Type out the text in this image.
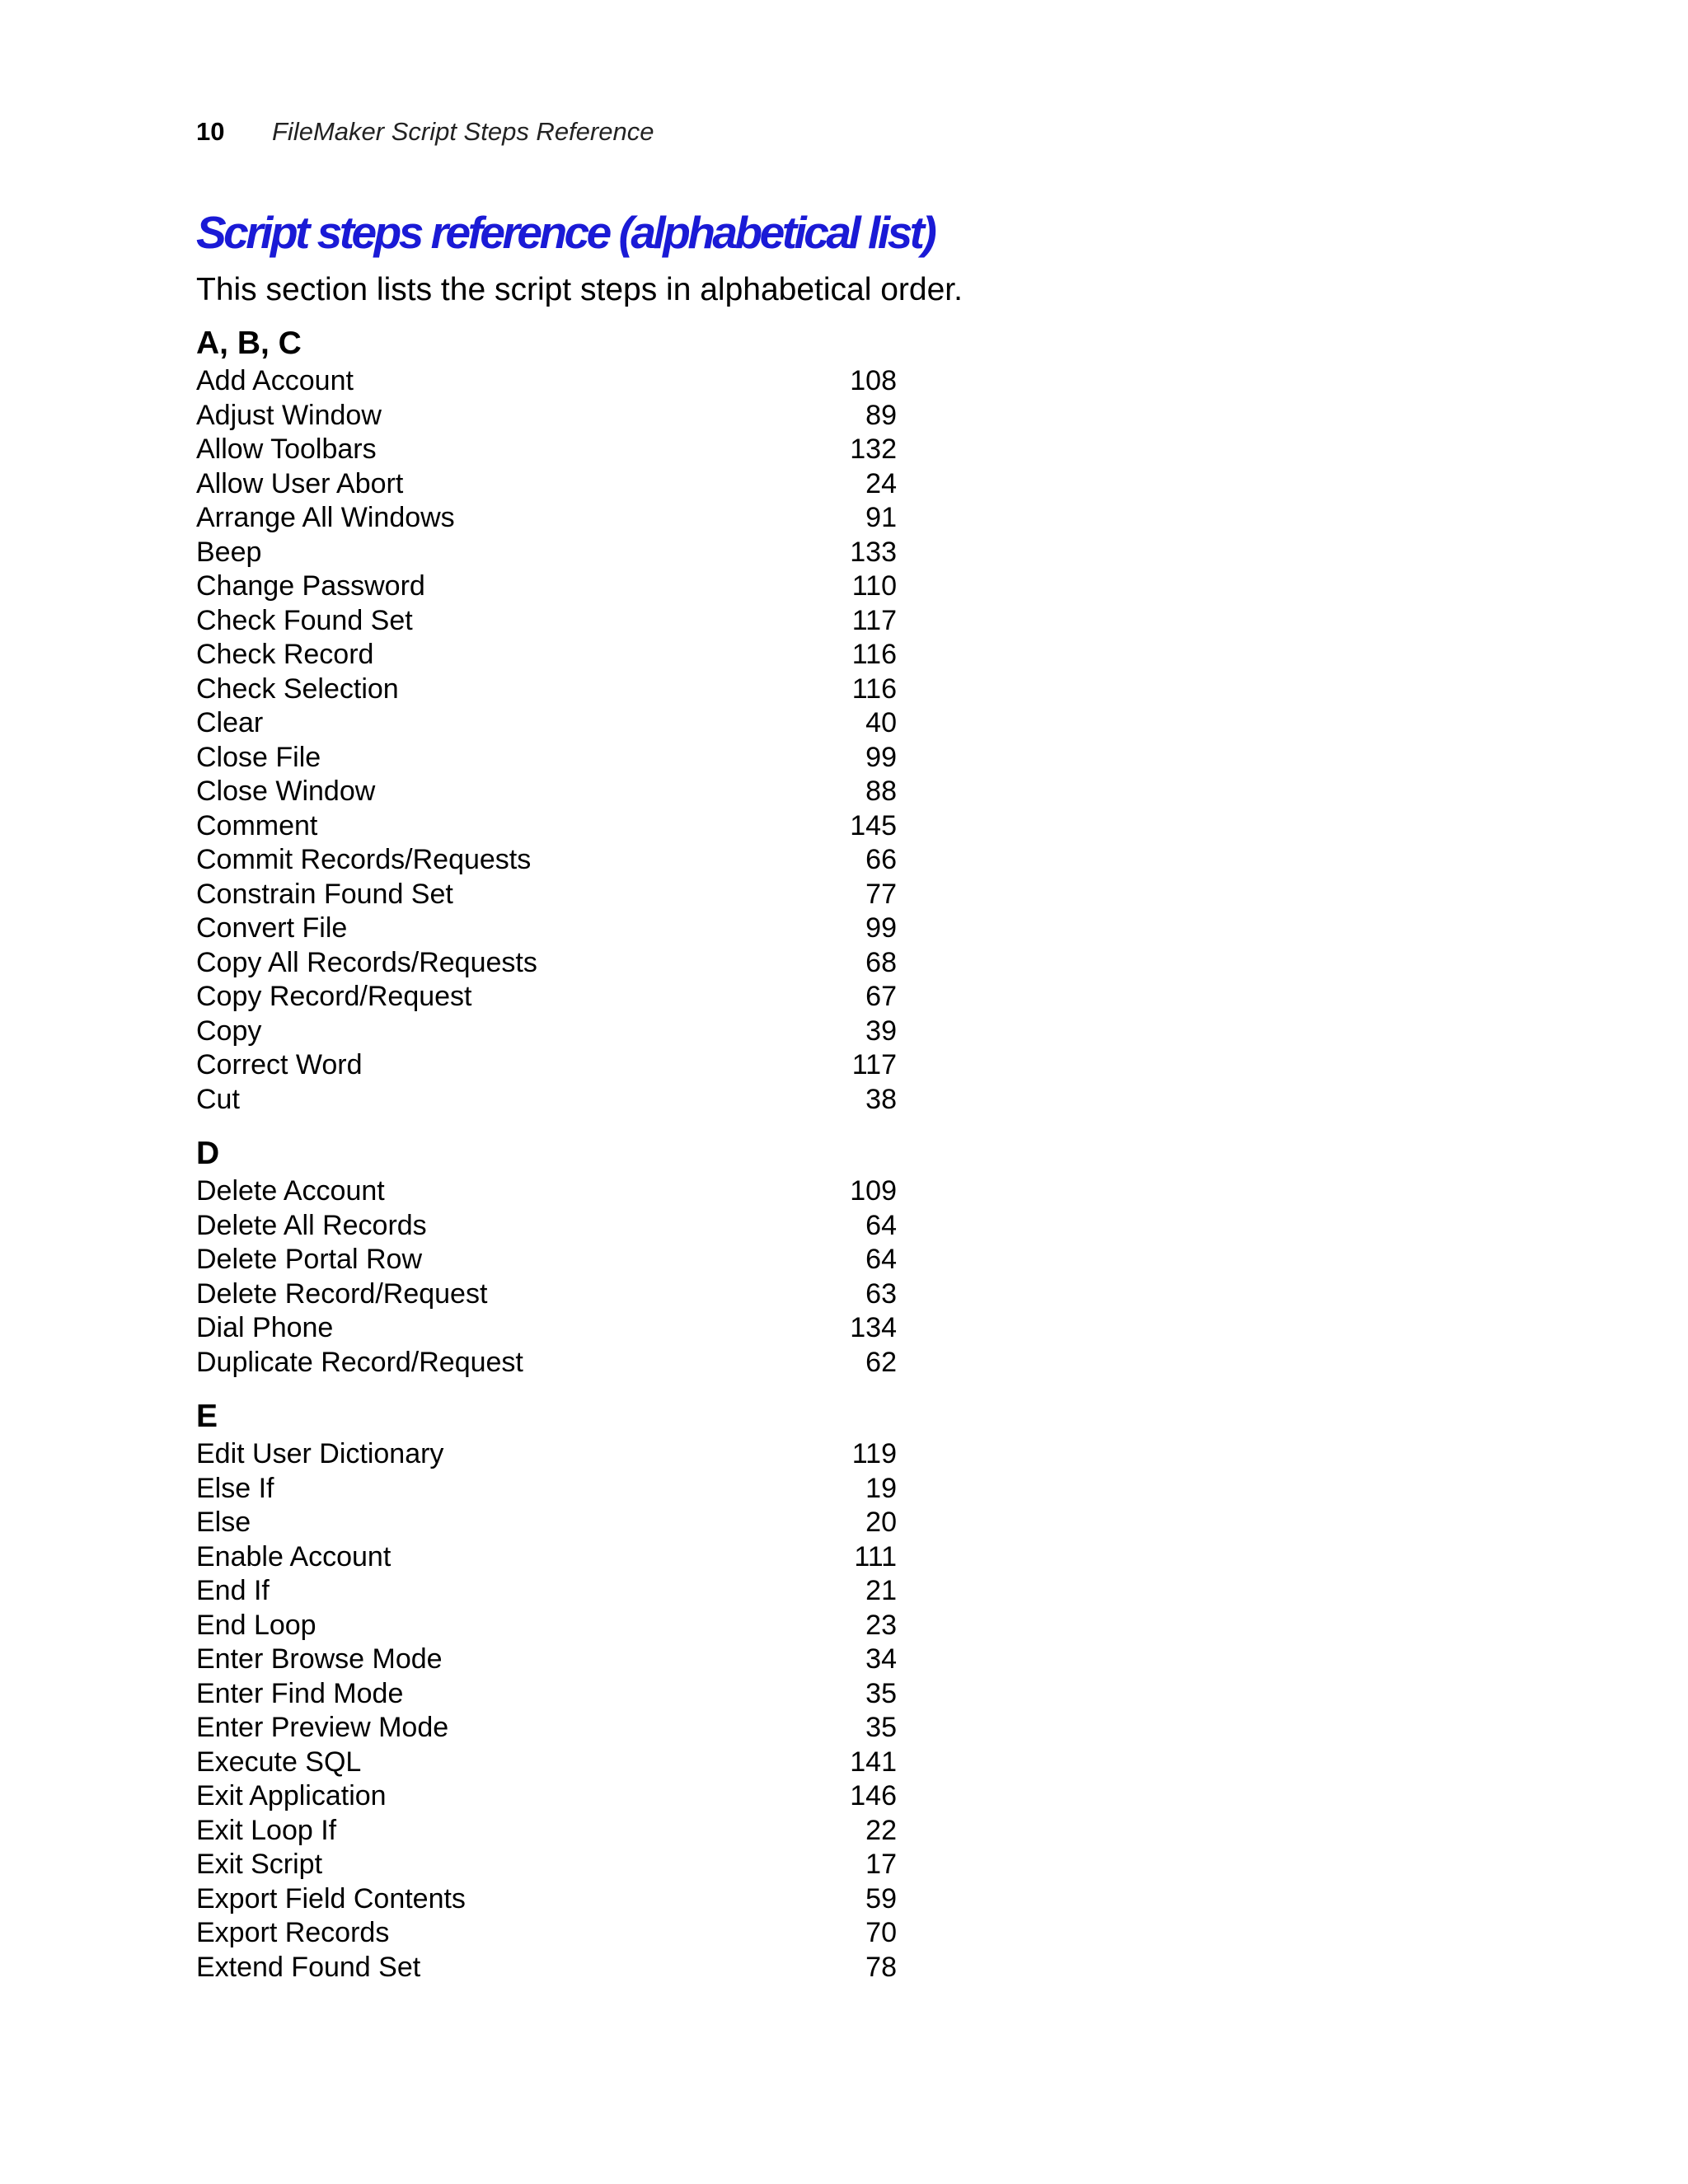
10	FileMaker Script Steps Reference
Script steps reference (alphabetical list)

This section lists the script steps in alphabetical order.

A, B, C
Add Account	108
Adjust Window	89
Allow Toolbars	132
Allow User Abort	24
Arrange All Windows	91
Beep	133
Change Password	110
Check Found Set	117
Check Record	116
Check Selection	116
Clear	40
Close File	99
Close Window	88
Comment	145
Commit Records/Requests	66
Constrain Found Set	77
Convert File	99
Copy All Records/Requests	68
Copy Record/Request	67
Copy	39
Correct Word	117
Cut	38
D
Delete Account	109
Delete All Records	64
Delete Portal Row	64
Delete Record/Request	63
Dial Phone	134
Duplicate Record/Request	62
E
Edit User Dictionary	119
Else If	19
Else	20
Enable Account	111
End If	21
End Loop	23
Enter Browse Mode	34
Enter Find Mode	35
Enter Preview Mode	35
Execute SQL	141
Exit Application	146
Exit Loop If	22
Exit Script	17
Export Field Contents	59
Export Records	70
Extend Found Set	78
